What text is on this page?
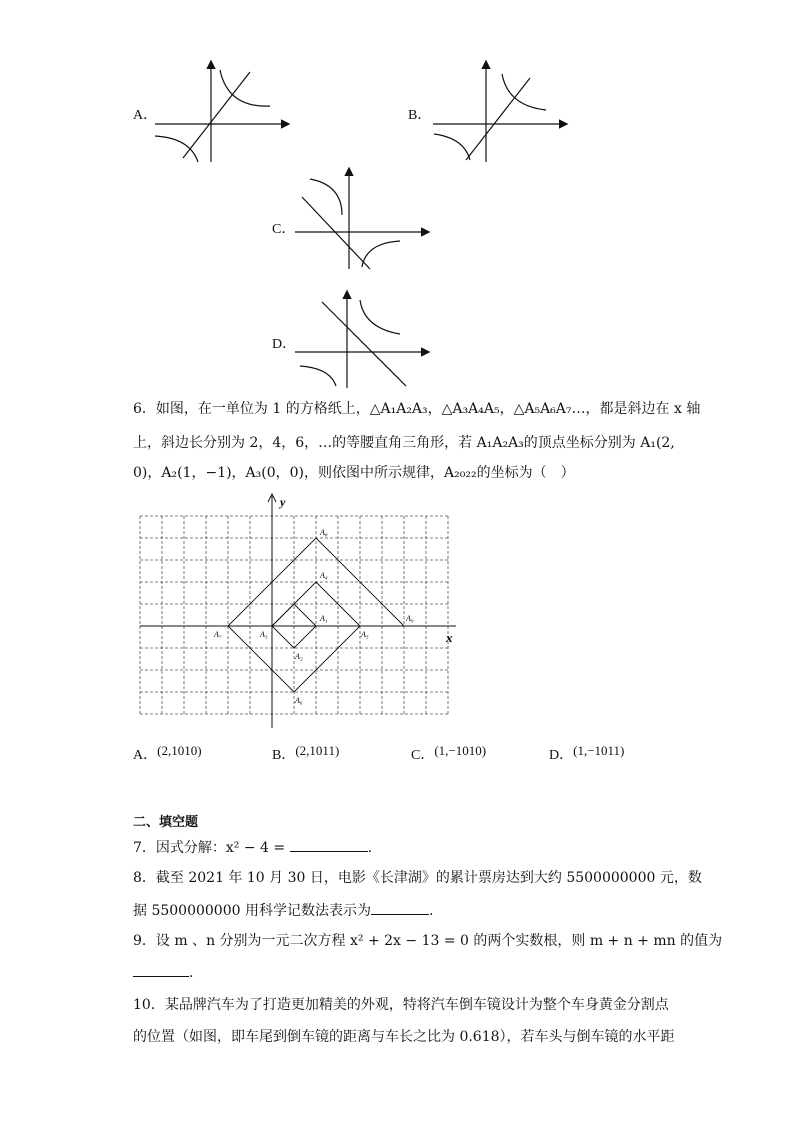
A．	B．
C．
D．
6．如图，在一单位为 1 的方格纸上，△A₁A₂A₃，△A₃A₄A₅，△A₅A₆A₇…，都是斜边在 x 轴
上，斜边长分别为 2，4，6，…的等腰直角三角形，若 A₁A₂A₃的顶点坐标分别为 A₁(2,
0)，A₂(1，−1)，A₃(0，0)，则依图中所示规律，A₂₀₂₂的坐标为（　）
x
y
A₈
A₄
A₁	A₉
A₇	A₃	A₅
A₂
A₆
A．$^{(2,1010)}$	B．$^{(2,1011)}$	C．$^{(1,-1010)}$	D．$^{(1,-1011)}$
二、填空题
7．因式分解：x² − 4 =	.
8．截至 2021 年 10 月 30 日，电影《长津湖》的累计票房达到大约 5500000000 元，数
据 5500000000 用科学记数法表示为	.
9．设 m 、n 分别为一元二次方程 x² + 2x − 13 = 0 的两个实数根，则 m + n + mn 的值为
.
10．某品牌汽车为了打造更加精美的外观，特将汽车倒车镜设计为整个车身黄金分割点
的位置（如图，即车尾到倒车镜的距离与车长之比为 0.618），若车头与倒车镜的水平距
